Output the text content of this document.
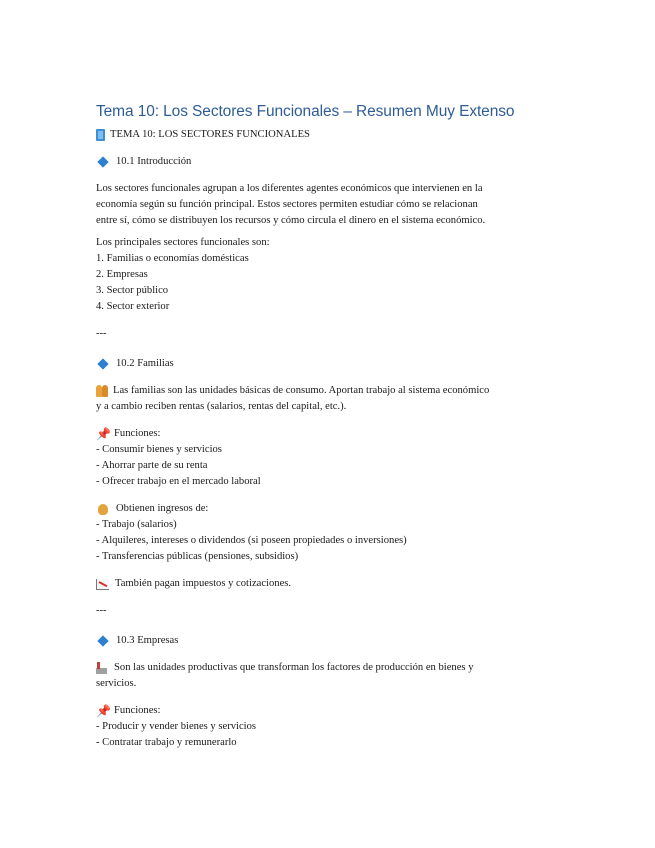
Tema 10: Los Sectores Funcionales – Resumen Muy Extenso
TEMA 10: LOS SECTORES FUNCIONALES
10.1 Introducción
Los sectores funcionales agrupan a los diferentes agentes económicos que intervienen en la
economía según su función principal. Estos sectores permiten estudiar cómo se relacionan
entre sí, cómo se distribuyen los recursos y cómo circula el dinero en el sistema económico.
Los principales sectores funcionales son:
1. Familias o economías domésticas
2. Empresas
3. Sector público
4. Sector exterior
---
10.2 Familias
Las familias son las unidades básicas de consumo. Aportan trabajo al sistema económico
y a cambio reciben rentas (salarios, rentas del capital, etc.).
📌 Funciones:
- Consumir bienes y servicios
- Ahorrar parte de su renta
- Ofrecer trabajo en el mercado laboral
Obtienen ingresos de:
- Trabajo (salarios)
- Alquileres, intereses o dividendos (si poseen propiedades o inversiones)
- Transferencias públicas (pensiones, subsidios)
También pagan impuestos y cotizaciones.
---
10.3 Empresas
Son las unidades productivas que transforman los factores de producción en bienes y
servicios.
📌 Funciones:
- Producir y vender bienes y servicios
- Contratar trabajo y remunerarlo
